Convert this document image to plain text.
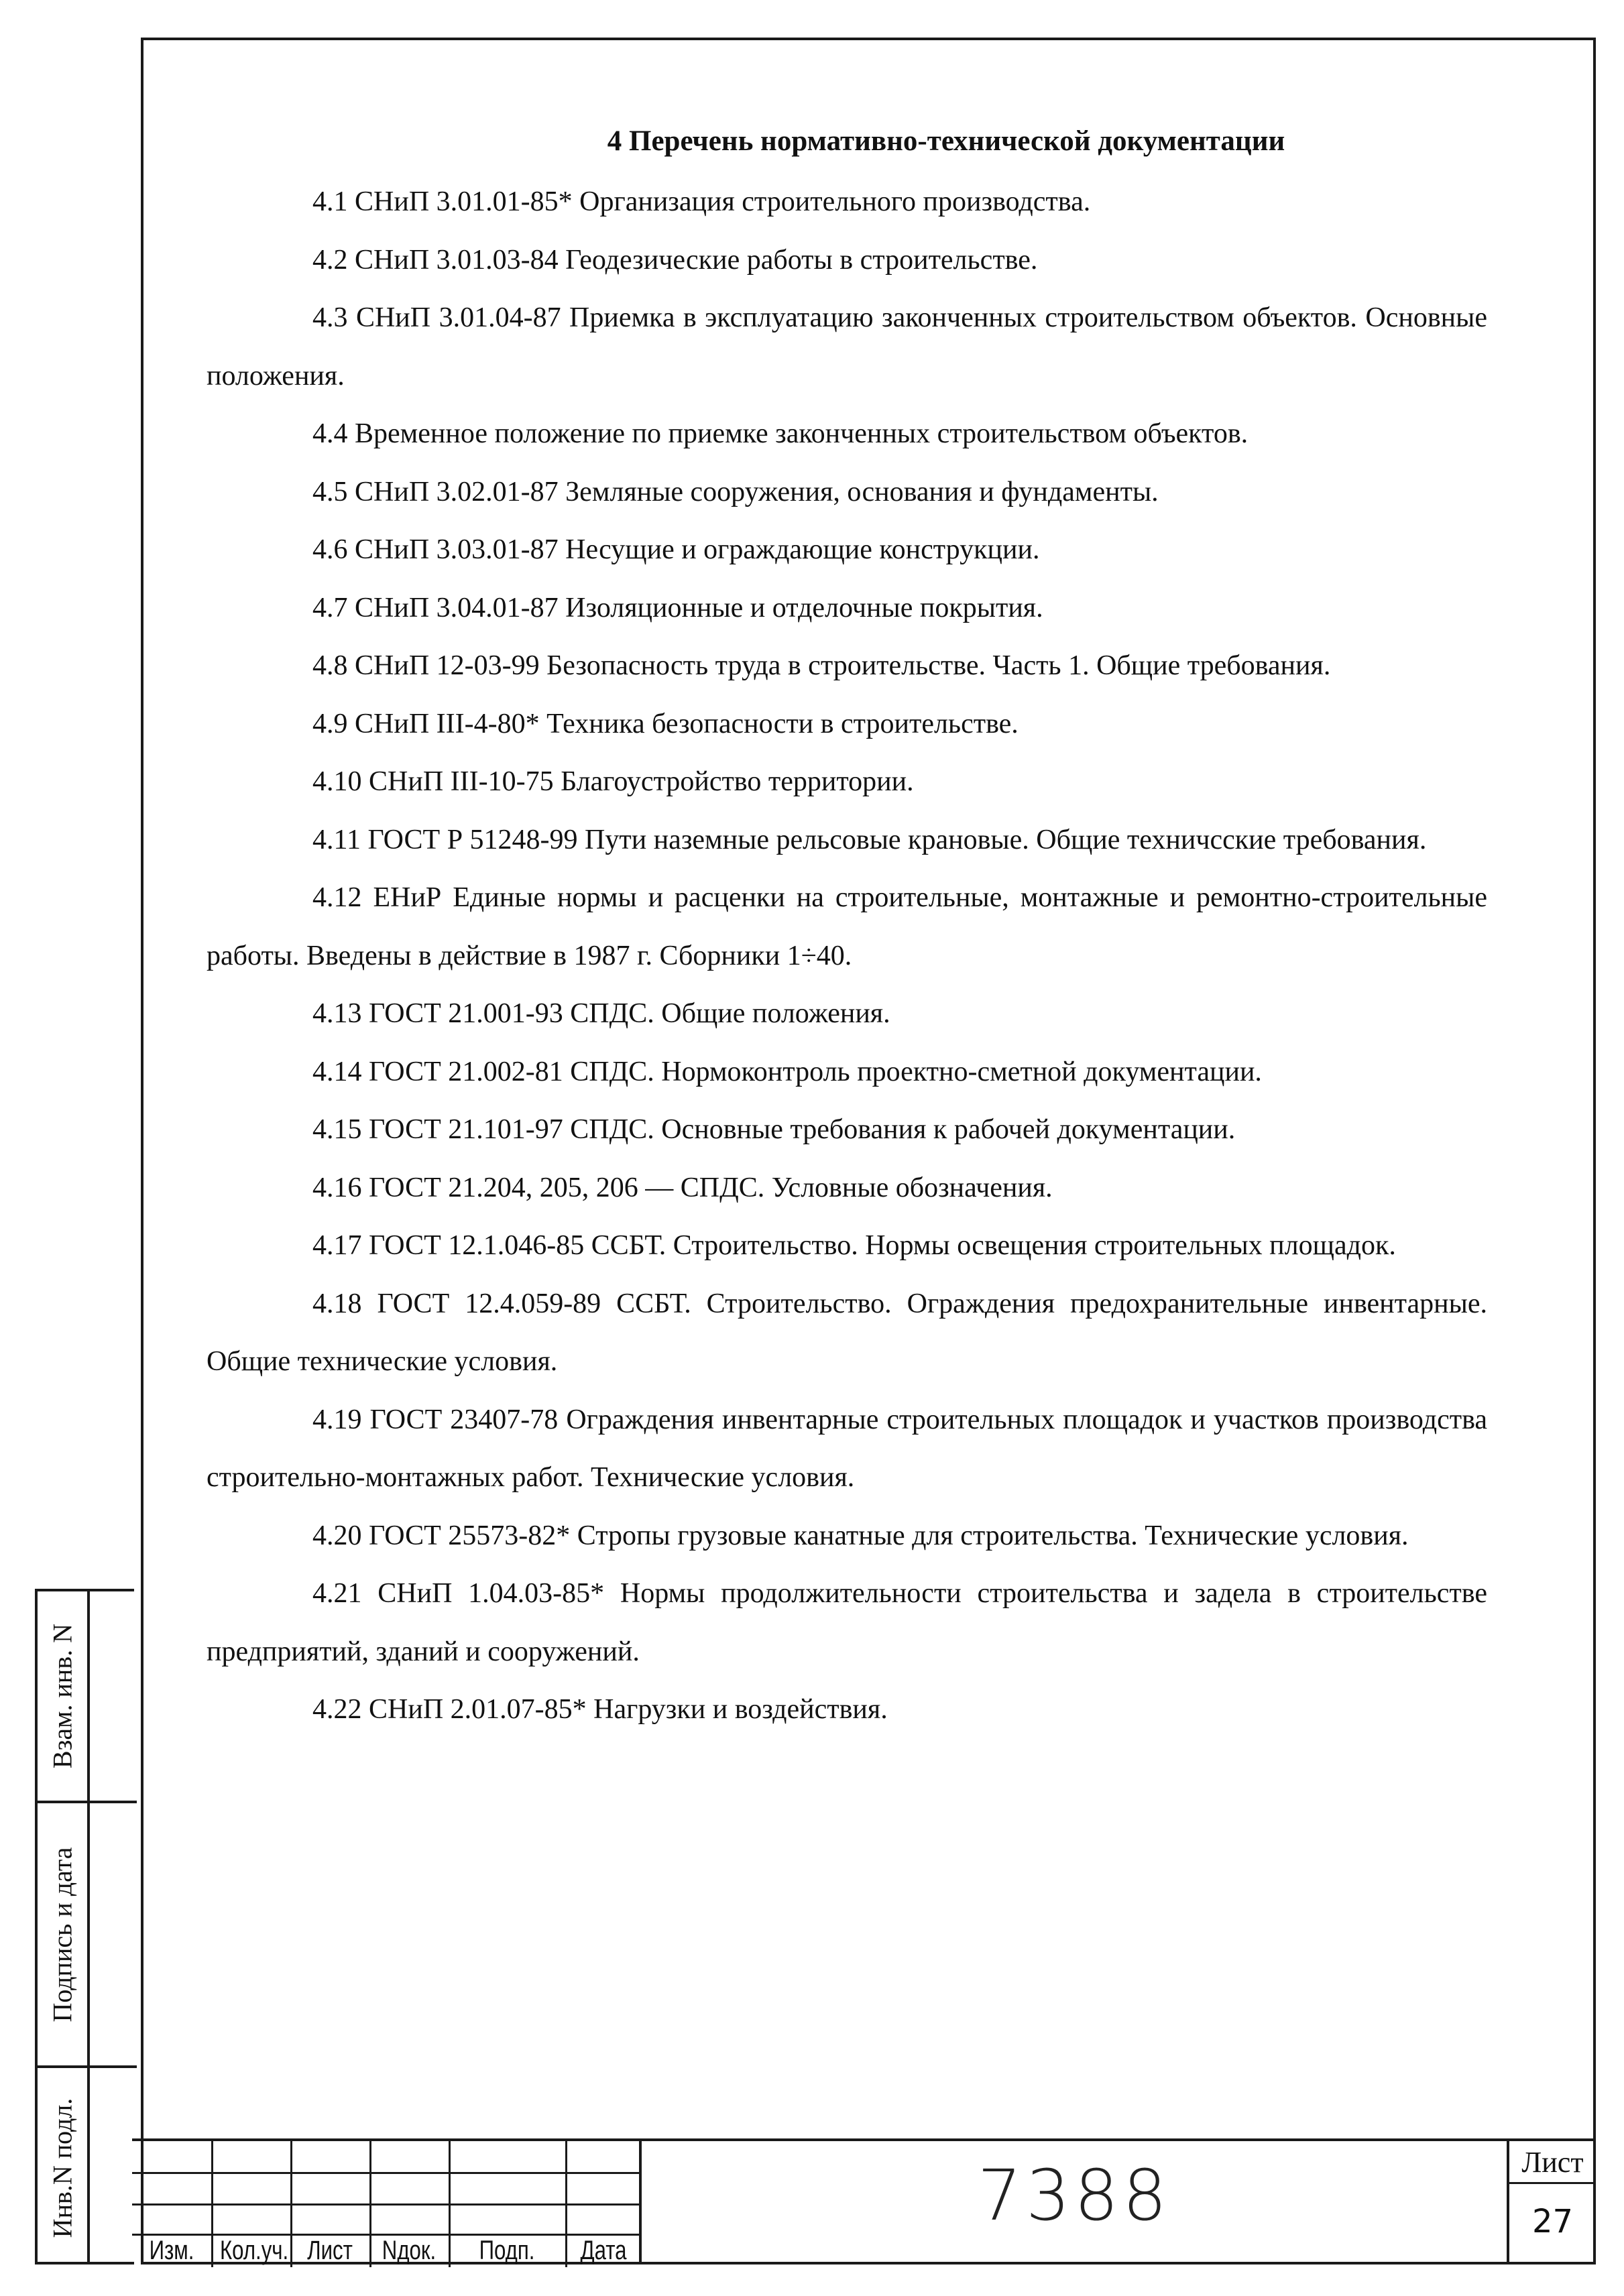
4 Перечень нормативно-технической документации

4.1 СНиП 3.01.01-85* Организация строительного производства.

4.2 СНиП 3.01.03-84 Геодезические работы в строительстве.

4.3 СНиП 3.01.04-87 Приемка в эксплуатацию законченных строительством объектов. Основные положения.

4.4 Временное положение по приемке законченных строительством объектов.

4.5 СНиП 3.02.01-87 Земляные сооружения, основания и фундаменты.

4.6 СНиП 3.03.01-87 Несущие и ограждающие конструкции.

4.7 СНиП 3.04.01-87 Изоляционные и отделочные покрытия.

4.8 СНиП 12-03-99 Безопасность труда в строительстве. Часть 1. Общие требования.

4.9 СНиП III-4-80* Техника безопасности в строительстве.

4.10 СНиП III-10-75 Благоустройство территории.

4.11 ГОСТ Р 51248-99 Пути наземные рельсовые крановые. Общие техничсские требования.

4.12 ЕНиР Единые нормы и расценки на строительные, монтажные и ремонтно-строительные работы. Введены в действие в 1987 г. Сборники 1÷40.

4.13 ГОСТ 21.001-93 СПДС. Общие положения.

4.14 ГОСТ 21.002-81 СПДС. Нормоконтроль проектно-сметной документации.

4.15 ГОСТ 21.101-97 СПДС. Основные требования к рабочей документации.

4.16 ГОСТ 21.204, 205, 206 — СПДС. Условные обозначения.

4.17 ГОСТ 12.1.046-85 ССБТ. Строительство. Нормы освещения строительных площадок.

4.18 ГОСТ 12.4.059-89 ССБТ. Строительство. Ограждения предохранительные инвентарные. Общие технические условия.

4.19 ГОСТ 23407-78 Ограждения инвентарные строительных площадок и участков производства строительно-монтажных работ. Технические условия.

4.20 ГОСТ 25573-82* Стропы грузовые канатные для строительства. Технические условия.

4.21 СНиП 1.04.03-85* Нормы продолжительности строительства и задела в строительстве предприятий, зданий и сооружений.

4.22 СНиП 2.01.07-85* Нагрузки и воздействия.

Взам. инв. N
Подпись и дата
Инв.N подл.
Изм. Кол.уч. Лист	Nдок.	Подп.	Дата
7388	Лист
27
